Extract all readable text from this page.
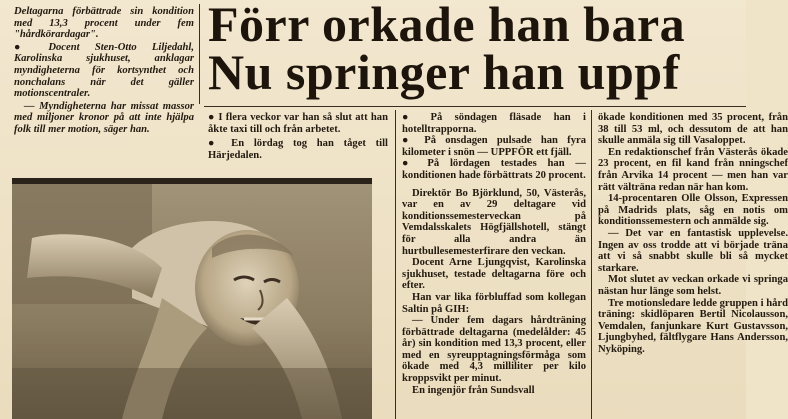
Förr orkade han bara
Nu springer han uppf

Deltagarna förbättrade sin kondition med 13,3 procent under fem "hårdkörardagar".

● Docent Sten-Otto Liljedahl, Karolinska sjukhuset, anklagar myndigheterna för kortsynthet och nonchalans när det gäller motionscentraler.

— Myndigheterna har missat massor med miljoner kronor på att inte hjälpa folk till mer motion, säger han.

● I flera veckor var han så slut att han åkte taxi till och från arbetet.

● En lördag tog han tåget till Härjedalen.

● På söndagen fläsade han i hotelltrapporna.

● På onsdagen pulsade han fyra kilometer i snön — UPPFÖR ett fjäll.

● På lördagen testades han — konditionen hade förbättrats 20 procent.

Direktör Bo Björklund, 50, Västerås, var en av 29 deltagare vid konditionssemesterveckan på Vemdalsskalets Högfjällshotell, stängt för alla andra än hurtbullesemesterfirare den veckan.

Docent Arne Ljungqvist, Karolinska sjukhuset, testade deltagarna före och efter.

Han var lika förbluffad som kollegan Saltin på GIH:

— Under fem dagars hårdträning förbättrade deltagarna (medelålder: 45 år) sin kondition med 13,3 procent, eller med en syreupptagningsförmåga som ökade med 4,3 milliliter per kilo kroppsvikt per minut.

En ingenjör från Sundsvall

ökade konditionen med 35 procent, från 38 till 53 ml, och dessutom de att han skulle anmäla sig till Vasaloppet.

En redaktionschef från Västerås ökade 23 procent, en fil kand från nningschef från Arvika 14 procent — men han var rätt välträna redan när han kom.

14-procentaren Olle Olsson, Expressen på Madrids plats, såg en notis om konditionssemestern och anmälde sig.

— Det var en fantastisk upplevelse. Ingen av oss trodde att vi började träna att vi så snabbt skulle bli så mycket starkare.

Mot slutet av veckan orkade vi springa nästan hur länge som helst.

Tre motionsledare ledde gruppen i hård träning: skidlöparen Bertil Nicolausson, Vemdalen, fanjunkare Kurt Gustavsson, Ljungbyhed, fältflygare Hans Andersson, Nyköping.
